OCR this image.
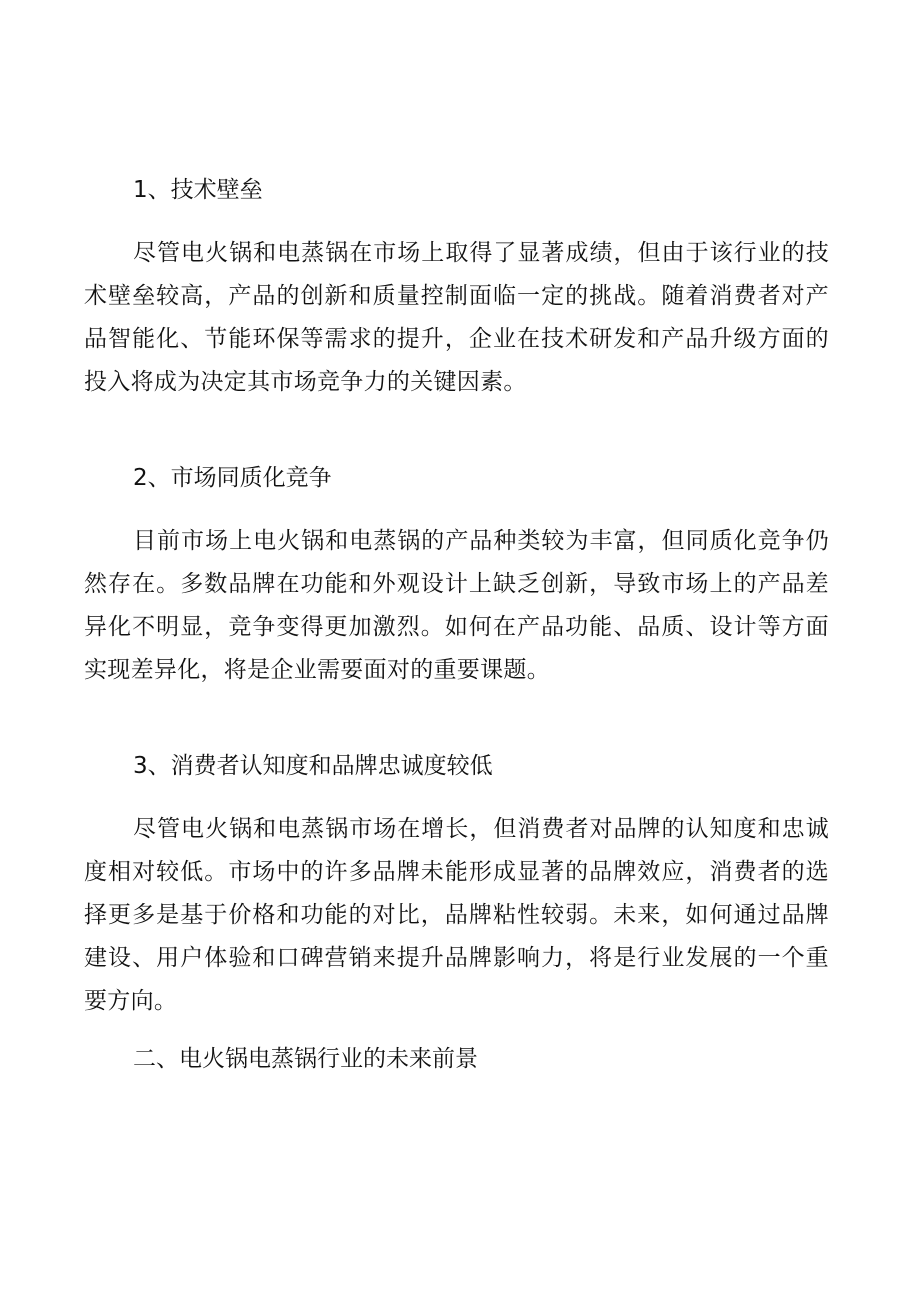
1、技术壁垒
尽管电火锅和电蒸锅在市场上取得了显著成绩，但由于该行业的技术壁垒较高，产品的创新和质量控制面临一定的挑战。随着消费者对产品智能化、节能环保等需求的提升，企业在技术研发和产品升级方面的投入将成为决定其市场竞争力的关键因素。
2、市场同质化竞争
目前市场上电火锅和电蒸锅的产品种类较为丰富，但同质化竞争仍然存在。多数品牌在功能和外观设计上缺乏创新，导致市场上的产品差异化不明显，竞争变得更加激烈。如何在产品功能、品质、设计等方面实现差异化，将是企业需要面对的重要课题。
3、消费者认知度和品牌忠诚度较低
尽管电火锅和电蒸锅市场在增长，但消费者对品牌的认知度和忠诚度相对较低。市场中的许多品牌未能形成显著的品牌效应，消费者的选择更多是基于价格和功能的对比，品牌粘性较弱。未来，如何通过品牌建设、用户体验和口碑营销来提升品牌影响力，将是行业发展的一个重要方向。
二、电火锅电蒸锅行业的未来前景
